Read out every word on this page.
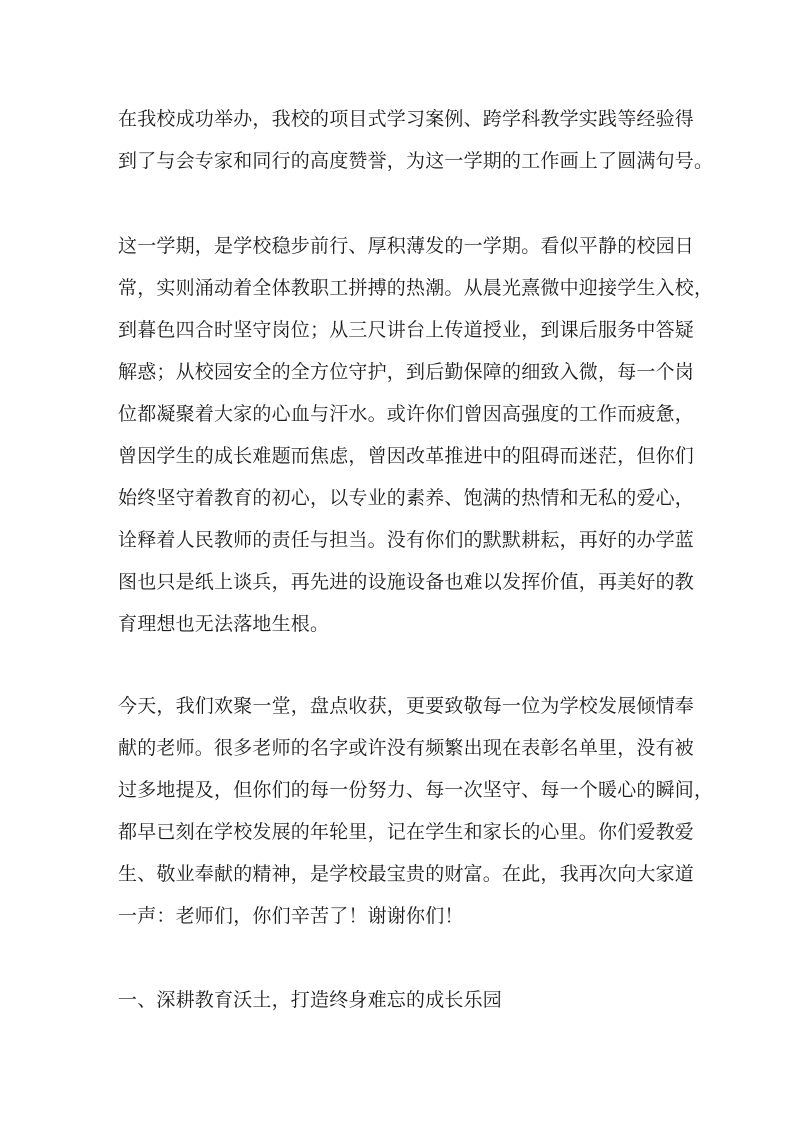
在我校成功举办，我校的项目式学习案例、跨学科教学实践等经验得
到了与会专家和同行的高度赞誉，为这一学期的工作画上了圆满句号。
这一学期，是学校稳步前行、厚积薄发的一学期。看似平静的校园日
常，实则涌动着全体教职工拼搏的热潮。从晨光熹微中迎接学生入校，
到暮色四合时坚守岗位；从三尺讲台上传道授业，到课后服务中答疑
解惑；从校园安全的全方位守护，到后勤保障的细致入微，每一个岗
位都凝聚着大家的心血与汗水。或许你们曾因高强度的工作而疲惫，
曾因学生的成长难题而焦虑，曾因改革推进中的阻碍而迷茫，但你们
始终坚守着教育的初心，以专业的素养、饱满的热情和无私的爱心，
诠释着人民教师的责任与担当。没有你们的默默耕耘，再好的办学蓝
图也只是纸上谈兵，再先进的设施设备也难以发挥价值，再美好的教
育理想也无法落地生根。
今天，我们欢聚一堂，盘点收获，更要致敬每一位为学校发展倾情奉
献的老师。很多老师的名字或许没有频繁出现在表彰名单里，没有被
过多地提及，但你们的每一份努力、每一次坚守、每一个暖心的瞬间，
都早已刻在学校发展的年轮里，记在学生和家长的心里。你们爱教爱
生、敬业奉献的精神，是学校最宝贵的财富。在此，我再次向大家道
一声：老师们，你们辛苦了！谢谢你们！
一、深耕教育沃土，打造终身难忘的成长乐园
